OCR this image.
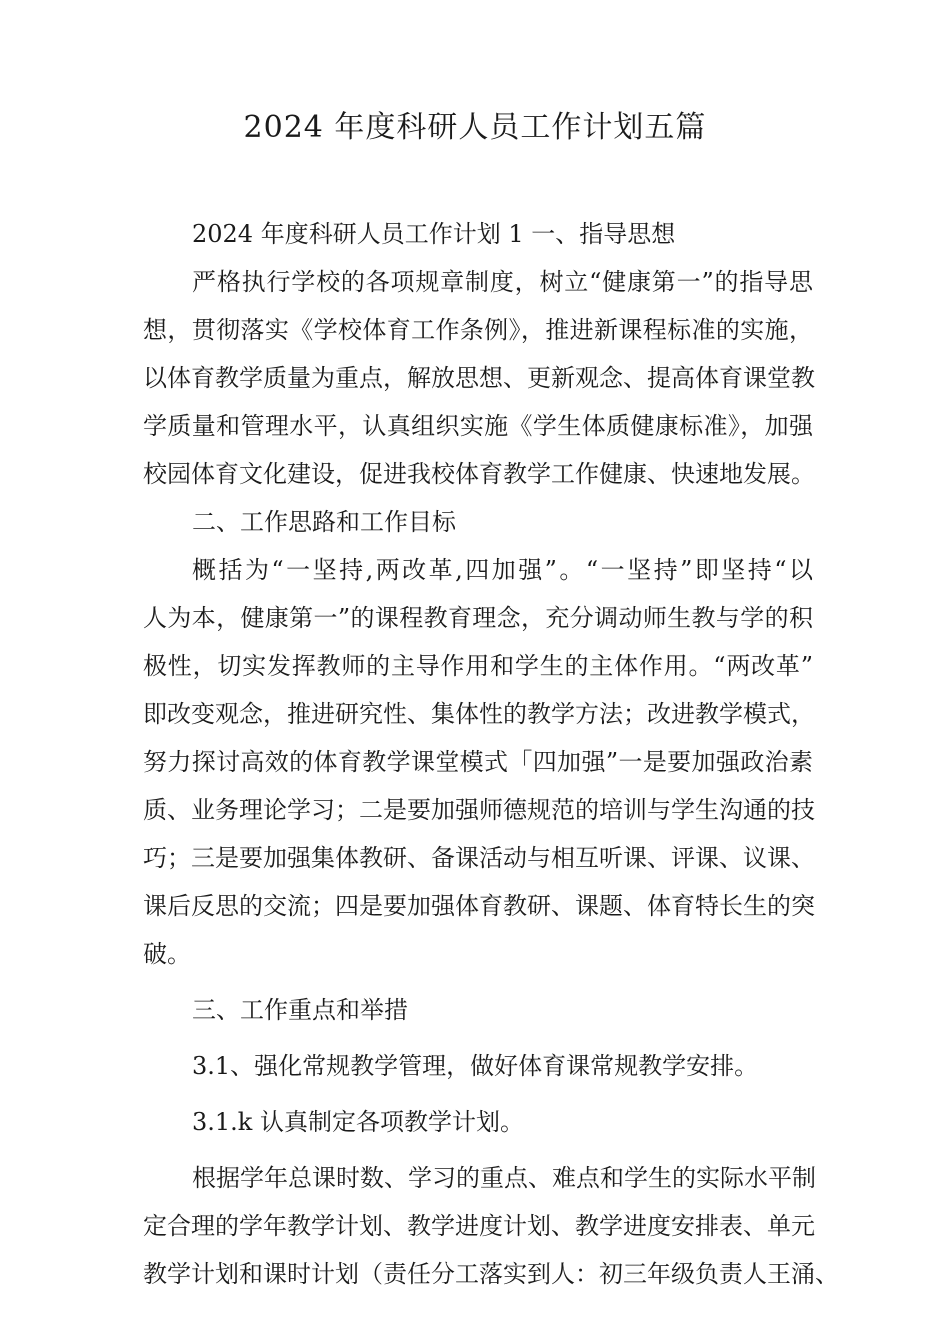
2024 年度科研人员工作计划五篇
2024 年度科研人员工作计划 1 一、指导思想
严格执行学校的各项规章制度，树立“健康第一”的指导思
想，贯彻落实《学校体育工作条例》，推进新课程标准的实施，
以体育教学质量为重点，解放思想、更新观念、提高体育课堂教
学质量和管理水平，认真组织实施《学生体质健康标准》，加强
校园体育文化建设，促进我校体育教学工作健康、快速地发展。
二、工作思路和工作目标
概括为“一坚持,两改革,四加强”。“一坚持”即坚持“以
人为本，健康第一”的课程教育理念，充分调动师生教与学的积
极性，切实发挥教师的主导作用和学生的主体作用。“两改革”
即改变观念，推进研究性、集体性的教学方法；改进教学模式，
努力探讨高效的体育教学课堂模式「四加强”一是要加强政治素
质、业务理论学习；二是要加强师德规范的培训与学生沟通的技
巧；三是要加强集体教研、备课活动与相互听课、评课、议课、
课后反思的交流；四是要加强体育教研、课题、体育特长生的突
破。
三、工作重点和举措
3.1、强化常规教学管理，做好体育课常规教学安排。
3.1.k 认真制定各项教学计划。
根据学年总课时数、学习的重点、难点和学生的实际水平制
定合理的学年教学计划、教学进度计划、教学进度安排表、单元
教学计划和课时计划（责任分工落实到人：初三年级负责人王涌、
